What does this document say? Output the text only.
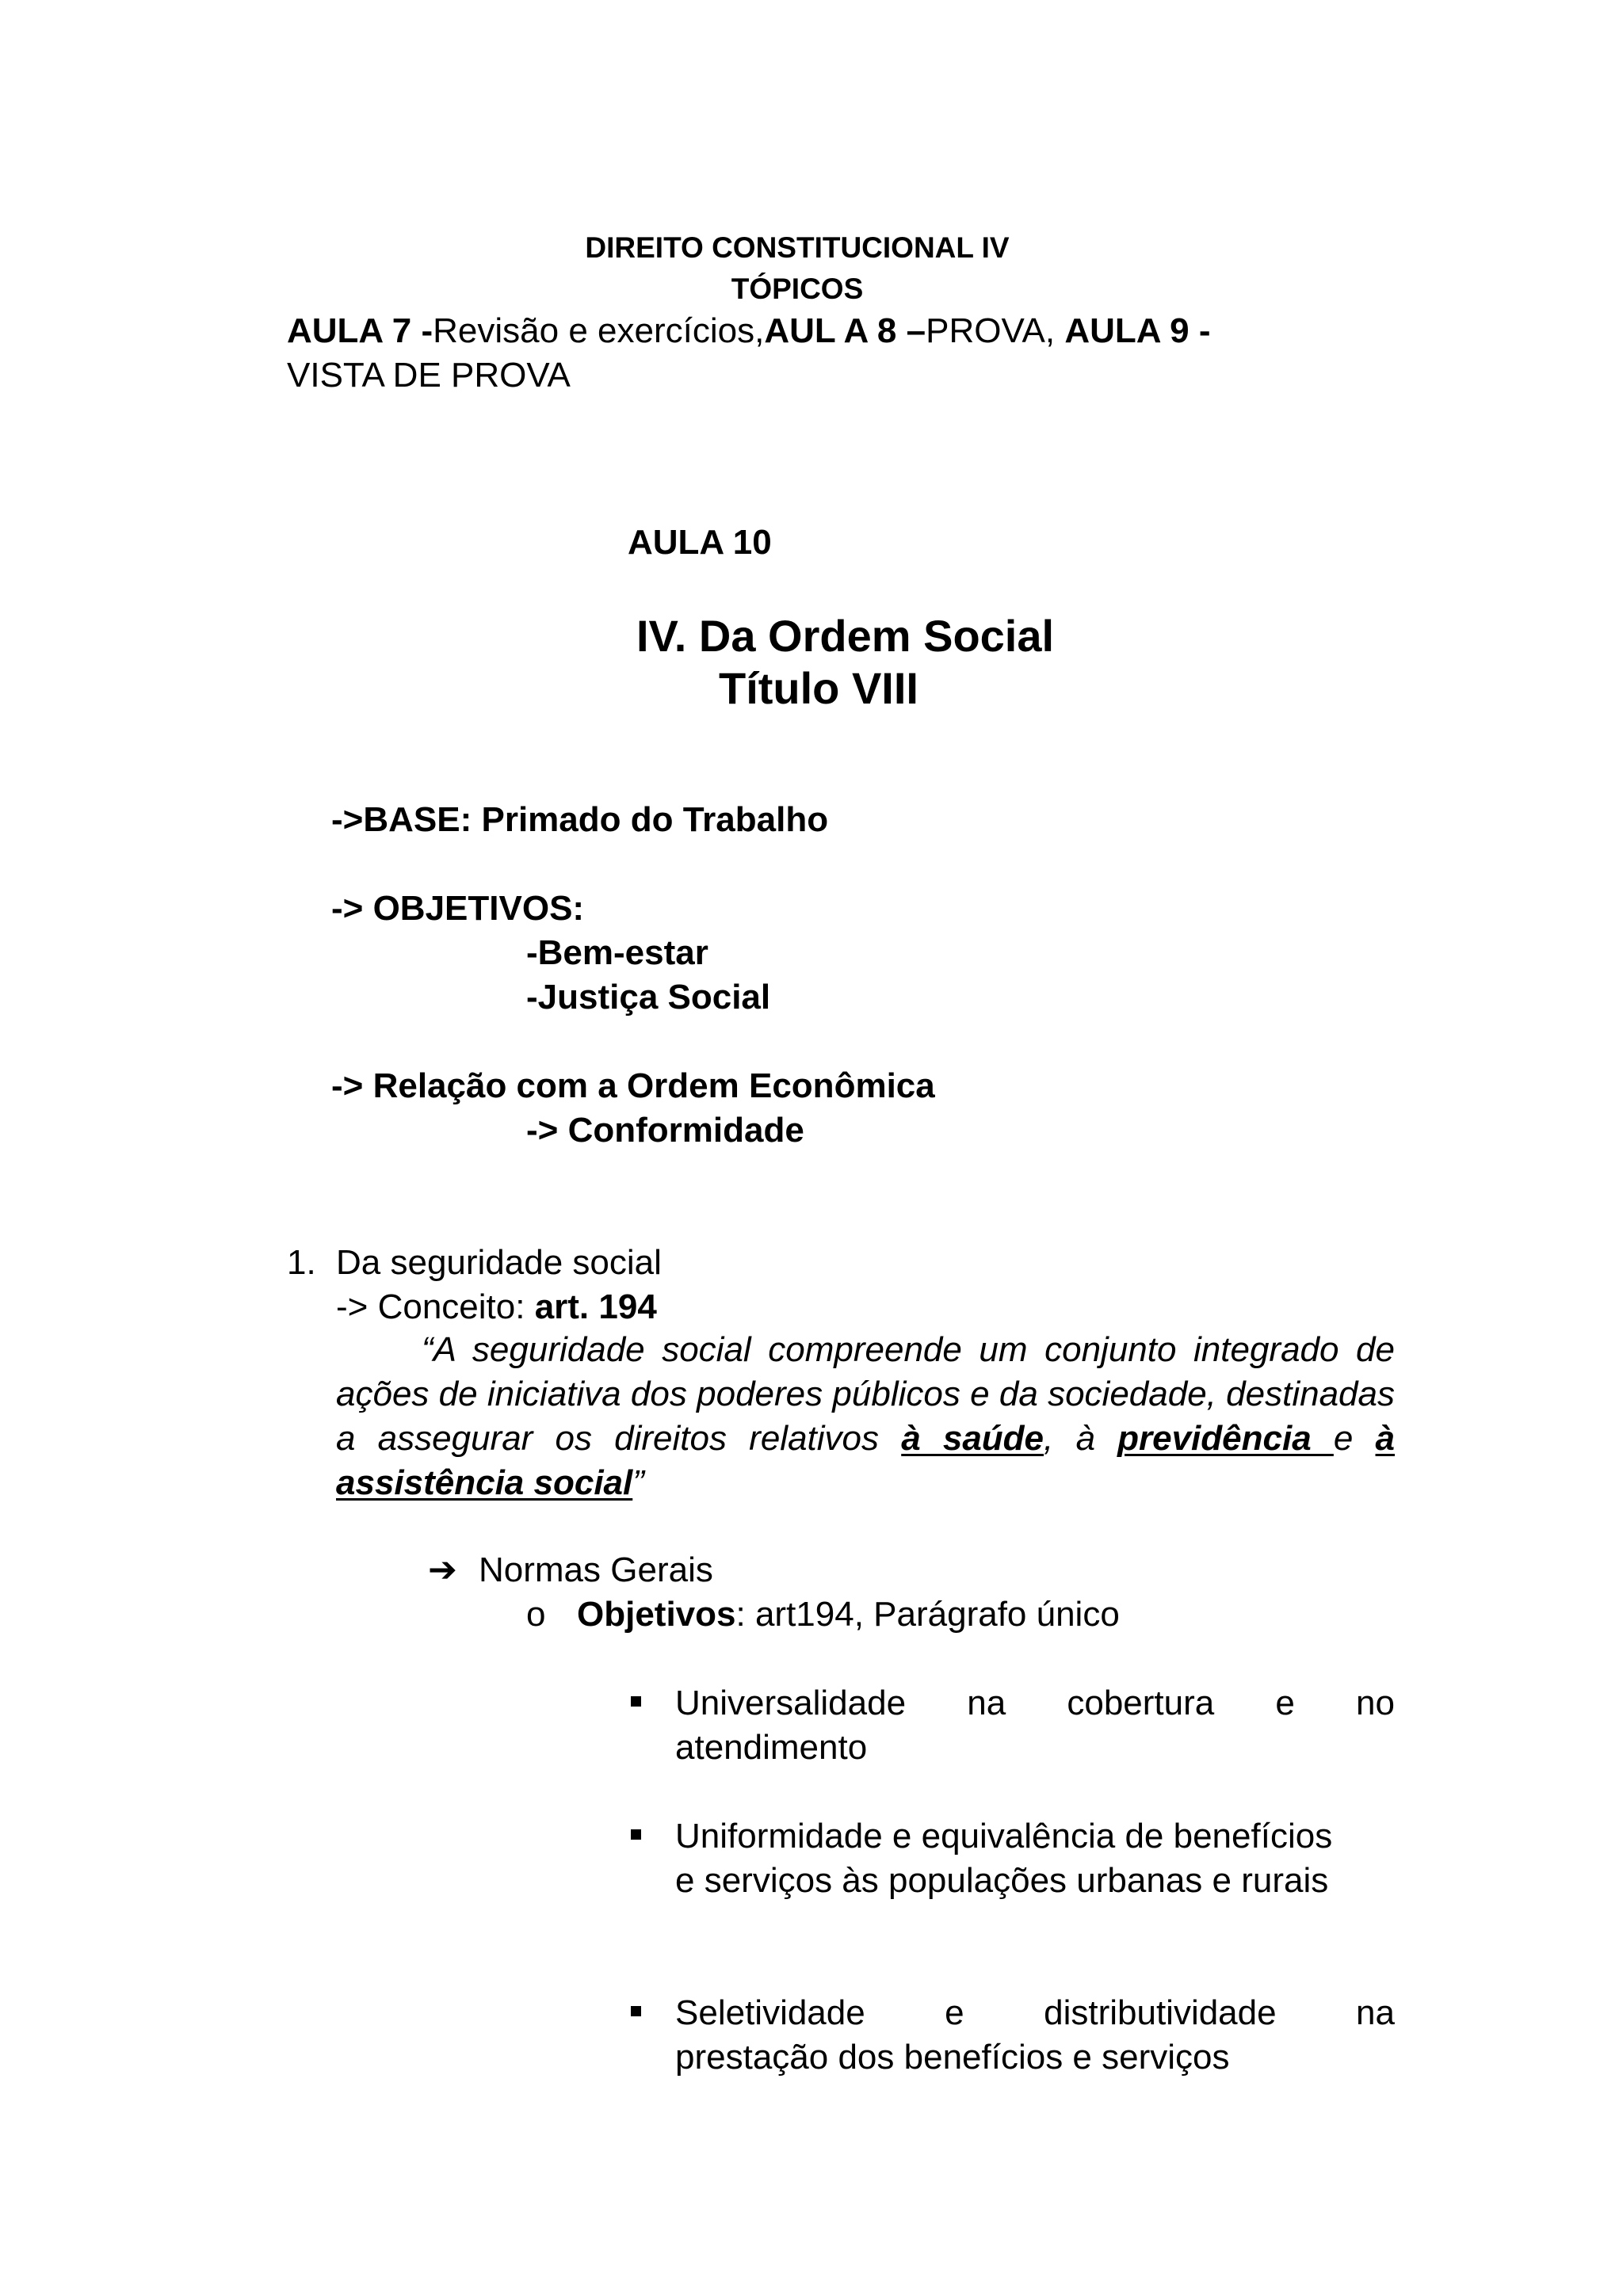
DIREITO CONSTITUCIONAL IV
TÓPICOS
AULA 7 -Revisão e exercícios,AUL A 8 –PROVA, AULA 9 -
VISTA DE PROVA
AULA 10
IV. Da Ordem Social
Título VIII
->BASE: Primado do Trabalho
-> OBJETIVOS:
-Bem-estar
-Justiça Social
-> Relação com a Ordem Econômica
-> Conformidade
1. Da seguridade social
-> Conceito: art. 194
“A seguridade social compreende um conjunto integrado de ações de iniciativa dos poderes públicos e da sociedade, destinadas a assegurar os direitos relativos à saúde, à previdência e à assistência social”
➔ Normas Gerais
o Objetivos: art194, Parágrafo único
Universalidade na cobertura e no
atendimento
Uniformidade e equivalência de benefícios
e serviços às populações urbanas e rurais
Seletividade e distributividade na
prestação dos benefícios e serviços
